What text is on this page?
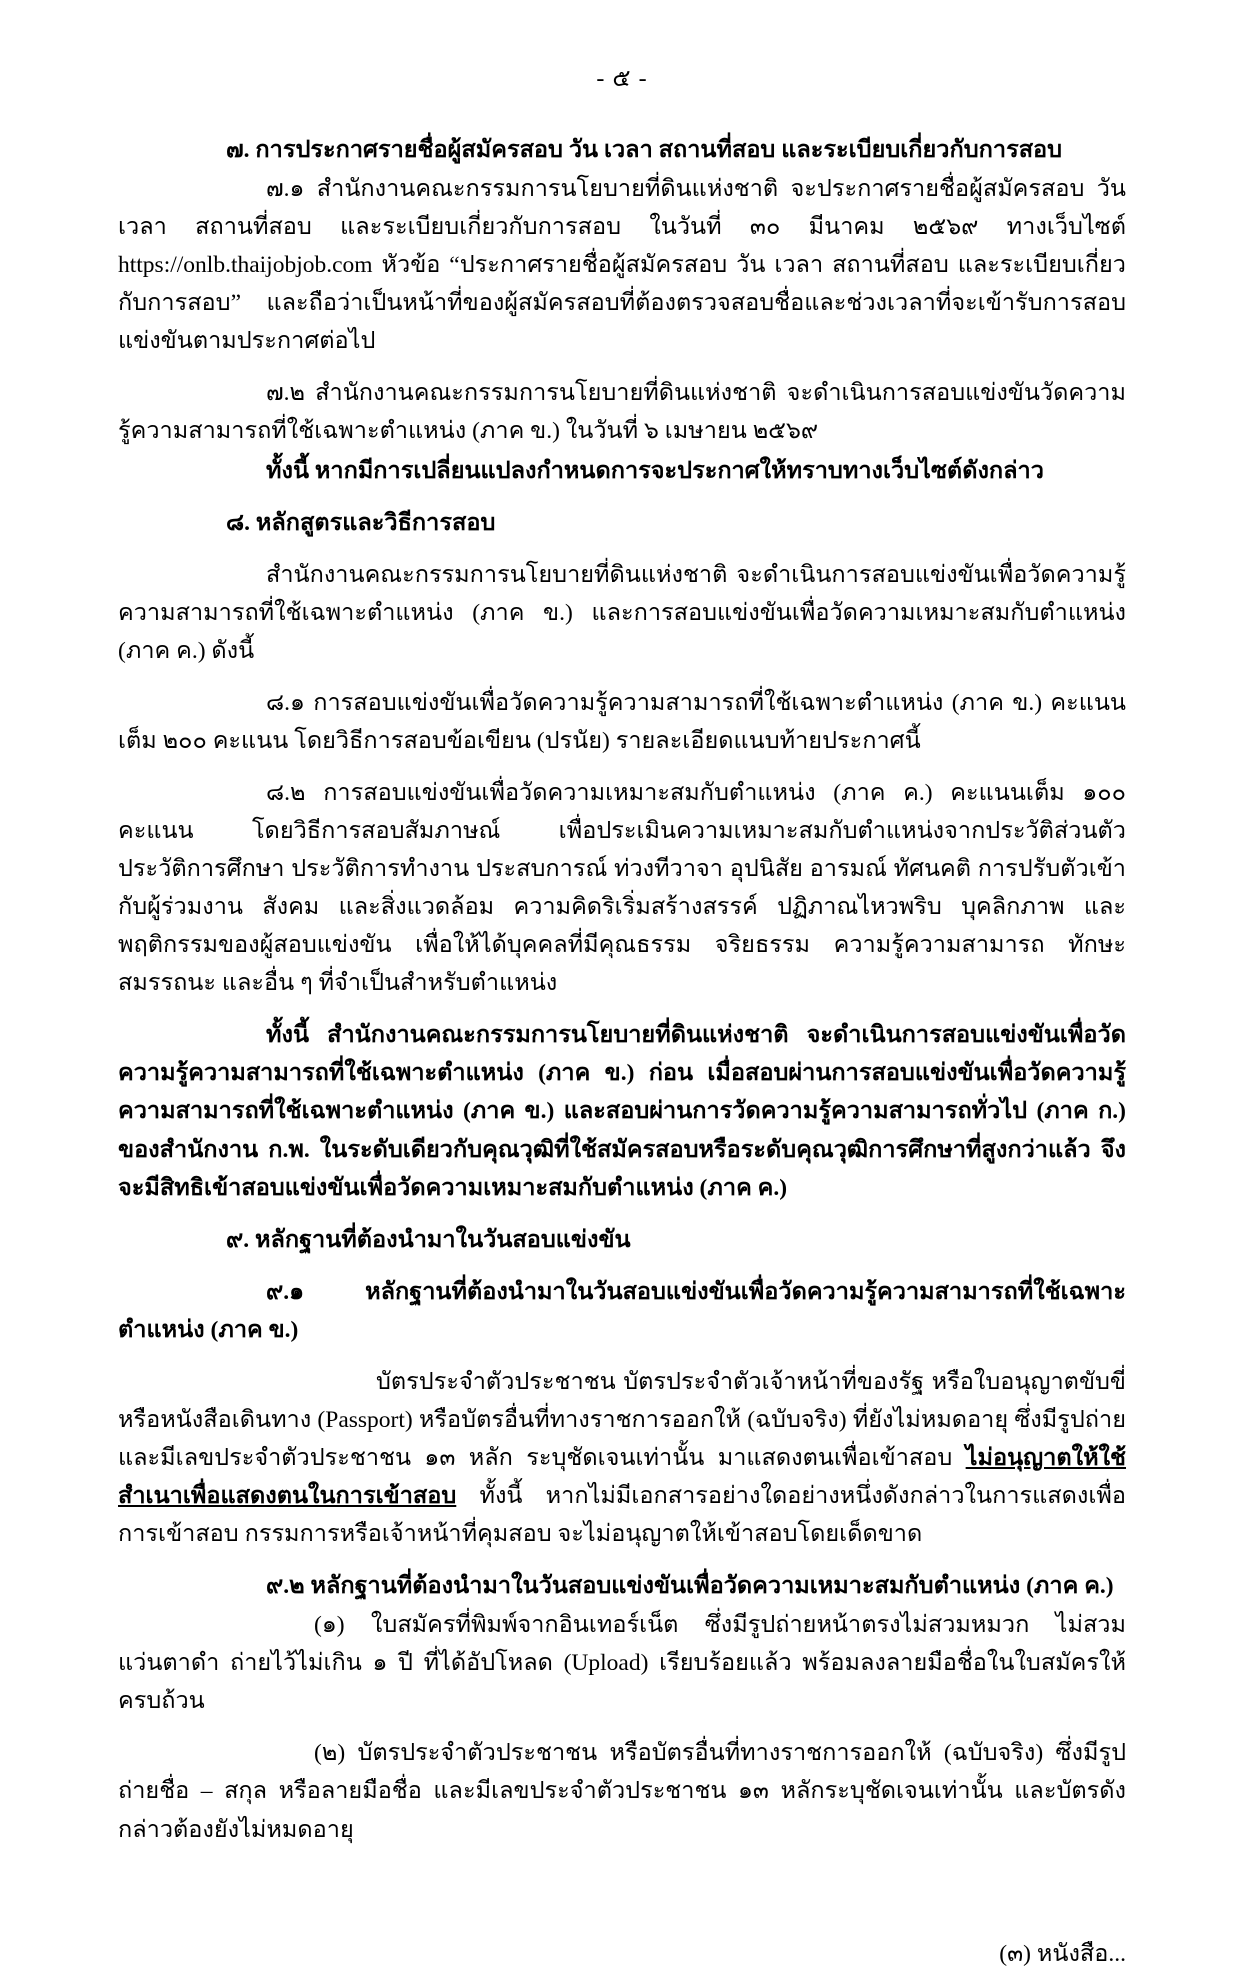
- ๕ -

๗. การประกาศรายชื่อผู้สมัครสอบ วัน เวลา สถานที่สอบ และระเบียบเกี่ยวกับการสอบ

๗.๑ สำนักงานคณะกรรมการนโยบายที่ดินแห่งชาติ จะประกาศรายชื่อผู้สมัครสอบ วัน เวลา สถานที่สอบ และระเบียบเกี่ยวกับการสอบ ในวันที่ ๓๐ มีนาคม ๒๕๖๙ ทางเว็บไซต์ https://onlb.thaijobjob.com หัวข้อ “ประกาศรายชื่อผู้สมัครสอบ วัน เวลา สถานที่สอบ และระเบียบเกี่ยวกับการสอบ” และถือว่าเป็นหน้าที่ของผู้สมัครสอบที่ต้องตรวจสอบชื่อและช่วงเวลาที่จะเข้ารับการสอบแข่งขันตามประกาศต่อไป

๗.๒ สำนักงานคณะกรรมการนโยบายที่ดินแห่งชาติ จะดำเนินการสอบแข่งขันวัดความรู้ความสามารถที่ใช้เฉพาะตำแหน่ง (ภาค ข.) ในวันที่ ๖ เมษายน ๒๕๖๙

ทั้งนี้ หากมีการเปลี่ยนแปลงกำหนดการจะประกาศให้ทราบทางเว็บไซต์ดังกล่าว

๘. หลักสูตรและวิธีการสอบ

สำนักงานคณะกรรมการนโยบายที่ดินแห่งชาติ จะดำเนินการสอบแข่งขันเพื่อวัดความรู้ความสามารถที่ใช้เฉพาะตำแหน่ง (ภาค ข.) และการสอบแข่งขันเพื่อวัดความเหมาะสมกับตำแหน่ง (ภาค ค.) ดังนี้

๘.๑ การสอบแข่งขันเพื่อวัดความรู้ความสามารถที่ใช้เฉพาะตำแหน่ง (ภาค ข.) คะแนนเต็ม ๒๐๐ คะแนน โดยวิธีการสอบข้อเขียน (ปรนัย) รายละเอียดแนบท้ายประกาศนี้

๘.๒ การสอบแข่งขันเพื่อวัดความเหมาะสมกับตำแหน่ง (ภาค ค.) คะแนนเต็ม ๑๐๐ คะแนน โดยวิธีการสอบสัมภาษณ์ เพื่อประเมินความเหมาะสมกับตำแหน่งจากประวัติส่วนตัว ประวัติการศึกษา ประวัติการทำงาน ประสบการณ์ ท่วงทีวาจา อุปนิสัย อารมณ์ ทัศนคติ การปรับตัวเข้ากับผู้ร่วมงาน สังคม และสิ่งแวดล้อม ความคิดริเริ่มสร้างสรรค์ ปฏิภาณไหวพริบ บุคลิกภาพ และพฤติกรรมของผู้สอบแข่งขัน เพื่อให้ได้บุคคลที่มีคุณธรรม จริยธรรม ความรู้ความสามารถ ทักษะ สมรรถนะ และอื่น ๆ ที่จำเป็นสำหรับตำแหน่ง

ทั้งนี้ สำนักงานคณะกรรมการนโยบายที่ดินแห่งชาติ จะดำเนินการสอบแข่งขันเพื่อวัดความรู้ความสามารถที่ใช้เฉพาะตำแหน่ง (ภาค ข.) ก่อน เมื่อสอบผ่านการสอบแข่งขันเพื่อวัดความรู้ความสามารถที่ใช้เฉพาะตำแหน่ง (ภาค ข.) และสอบผ่านการวัดความรู้ความสามารถทั่วไป (ภาค ก.) ของสำนักงาน ก.พ. ในระดับเดียวกับคุณวุฒิที่ใช้สมัครสอบหรือระดับคุณวุฒิการศึกษาที่สูงกว่าแล้ว จึงจะมีสิทธิเข้าสอบแข่งขันเพื่อวัดความเหมาะสมกับตำแหน่ง (ภาค ค.)

๙. หลักฐานที่ต้องนำมาในวันสอบแข่งขัน

๙.๑ หลักฐานที่ต้องนำมาในวันสอบแข่งขันเพื่อวัดความรู้ความสามารถที่ใช้เฉพาะตำแหน่ง (ภาค ข.)

บัตรประจำตัวประชาชน บัตรประจำตัวเจ้าหน้าที่ของรัฐ หรือใบอนุญาตขับขี่ หรือหนังสือเดินทาง (Passport) หรือบัตรอื่นที่ทางราชการออกให้ (ฉบับจริง) ที่ยังไม่หมดอายุ ซึ่งมีรูปถ่ายและมีเลขประจำตัวประชาชน ๑๓ หลัก ระบุชัดเจนเท่านั้น มาแสดงตนเพื่อเข้าสอบ ไม่อนุญาตให้ใช้สำเนาเพื่อแสดงตนในการเข้าสอบ ทั้งนี้ หากไม่มีเอกสารอย่างใดอย่างหนึ่งดังกล่าวในการแสดงเพื่อการเข้าสอบ กรรมการหรือเจ้าหน้าที่คุมสอบ จะไม่อนุญาตให้เข้าสอบโดยเด็ดขาด

๙.๒ หลักฐานที่ต้องนำมาในวันสอบแข่งขันเพื่อวัดความเหมาะสมกับตำแหน่ง (ภาค ค.)

(๑) ใบสมัครที่พิมพ์จากอินเทอร์เน็ต ซึ่งมีรูปถ่ายหน้าตรงไม่สวมหมวก ไม่สวมแว่นตาดำ ถ่ายไว้ไม่เกิน ๑ ปี ที่ได้อัปโหลด (Upload) เรียบร้อยแล้ว พร้อมลงลายมือชื่อในใบสมัครให้ครบถ้วน

(๒) บัตรประจำตัวประชาชน หรือบัตรอื่นที่ทางราชการออกให้ (ฉบับจริง) ซึ่งมีรูปถ่ายชื่อ – สกุล หรือลายมือชื่อ และมีเลขประจำตัวประชาชน ๑๓ หลักระบุชัดเจนเท่านั้น และบัตรดังกล่าวต้องยังไม่หมดอายุ

(๓) หนังสือ...
